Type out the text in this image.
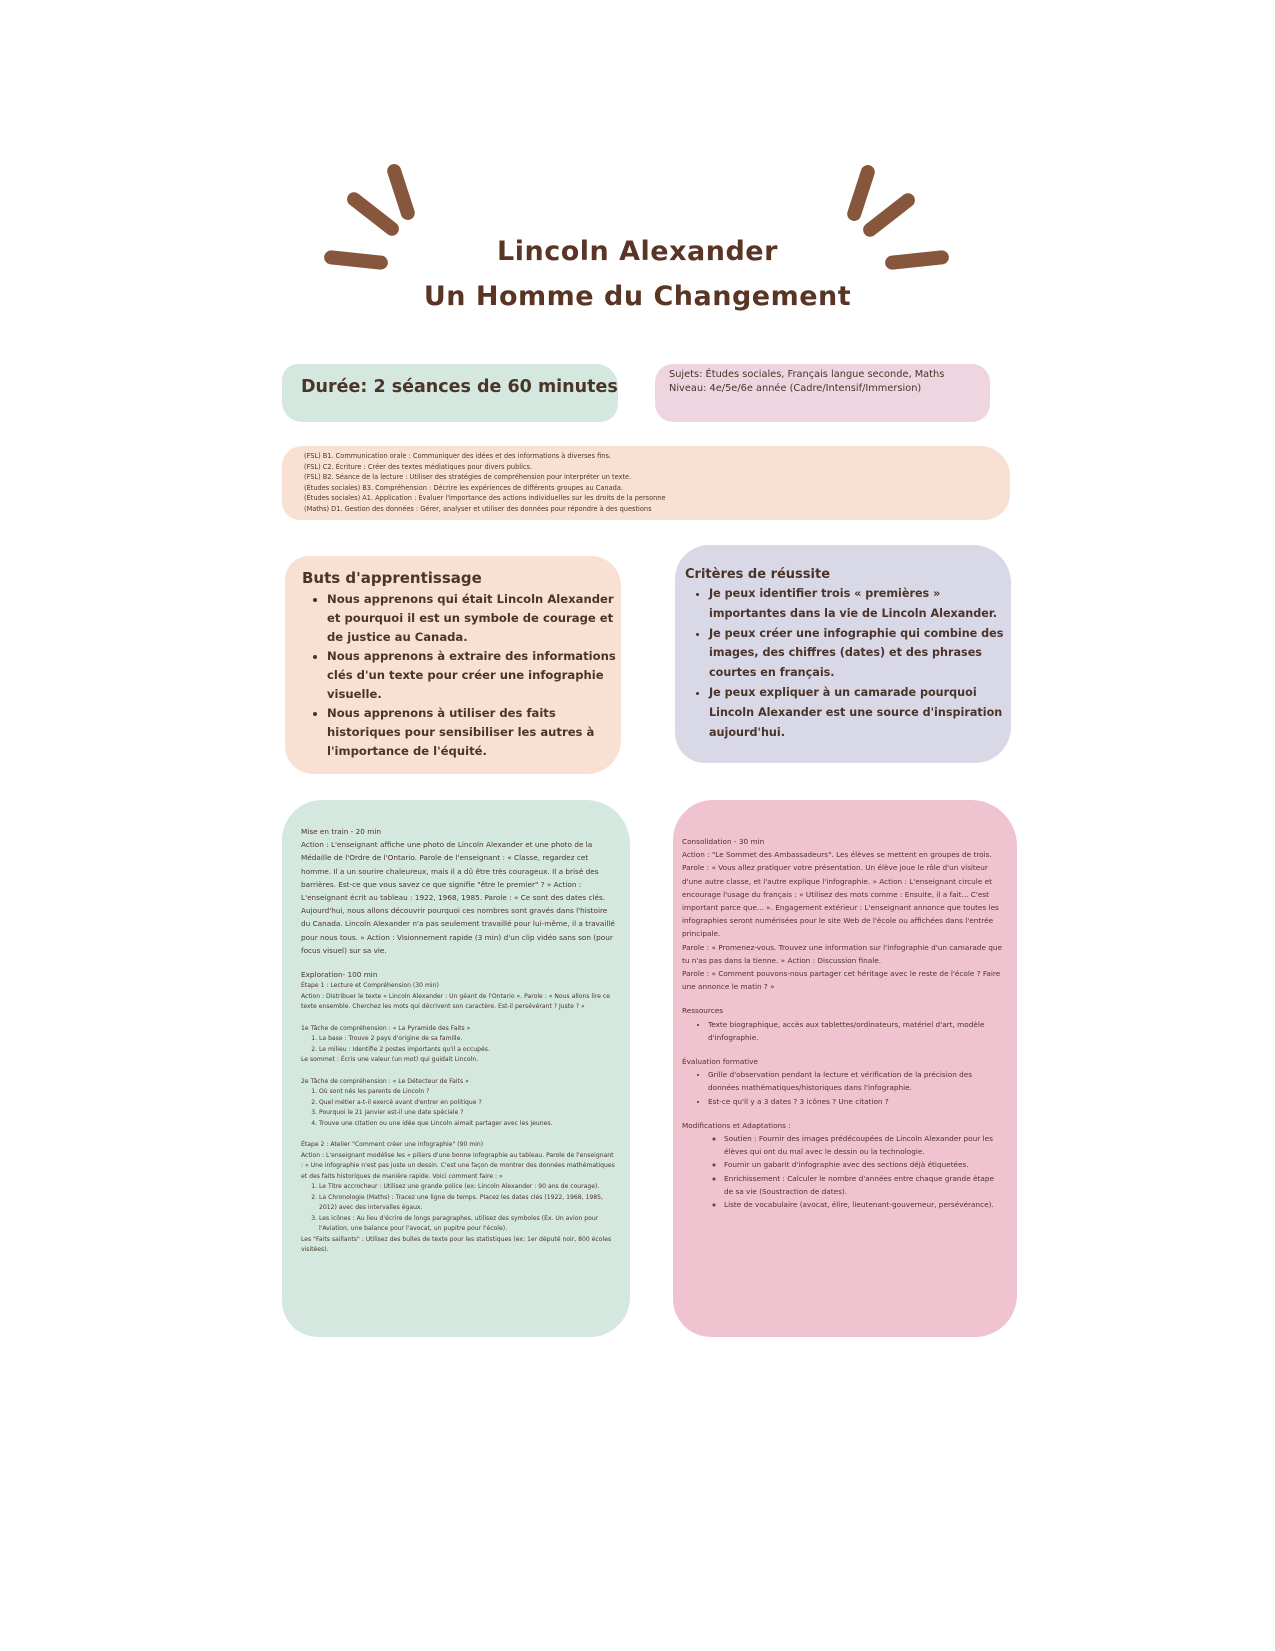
Lincoln Alexander
Un Homme du Changement
Durée: 2 séances de 60 minutes
Sujets: Études sociales, Français langue seconde, Maths
Niveau: 4e/5e/6e année (Cadre/Intensif/Immersion)
(FSL) B1. Communication orale : Communiquer des idées et des informations à diverses fins.
(FSL) C2. Écriture : Créer des textes médiatiques pour divers publics.
(FSL) B2. Séance de la lecture : Utiliser des stratégies de compréhension pour interpréter un texte.
(Études sociales) B3. Compréhension : Décrire les expériences de différents groupes au Canada.
(Études sociales) A1. Application : Évaluer l'importance des actions individuelles sur les droits de la personne
(Maths) D1. Gestion des données : Gérer, analyser et utiliser des données pour répondre à des questions
Buts d'apprentissage
• Nous apprenons qui était Lincoln Alexander et pourquoi il est un symbole de courage et de justice au Canada.
• Nous apprenons à extraire des informations clés d'un texte pour créer une infographie visuelle.
• Nous apprenons à utiliser des faits historiques pour sensibiliser les autres à l'importance de l'équité.
Critères de réussite
• Je peux identifier trois « premières » importantes dans la vie de Lincoln Alexander.
• Je peux créer une infographie qui combine des images, des chiffres (dates) et des phrases courtes en français.
• Je peux expliquer à un camarade pourquoi Lincoln Alexander est une source d'inspiration aujourd'hui.

Mise en train - 20 min

Action : L'enseignant affiche une photo de Lincoln Alexander et une photo de la Médaille de l'Ordre de l'Ontario. Parole de l'enseignant : « Classe, regardez cet homme. Il a un sourire chaleureux, mais il a dû être très courageux. Il a brisé des barrières. Est-ce que vous savez ce que signifie "être le premier" ? » Action : L'enseignant écrit au tableau : 1922, 1968, 1985. Parole : « Ce sont des dates clés. Aujourd'hui, nous allons découvrir pourquoi ces nombres sont gravés dans l'histoire du Canada. Lincoln Alexander n'a pas seulement travaillé pour lui-même, il a travaillé pour nous tous. » Action : Visionnement rapide (3 min) d'un clip vidéo sans son (pour focus visuel) sur sa vie.

Exploration- 100 min

Étape 1 : Lecture et Compréhension (30 min)

Action : Distribuer le texte « Lincoln Alexander : Un géant de l'Ontario ». Parole : « Nous allons lire ce texte ensemble. Cherchez les mots qui décrivent son caractère. Est-il persévérant ? Juste ? »

1e Tâche de compréhension : « La Pyramide des Faits »

1. La base : Trouve 2 pays d'origine de sa famille.
2. Le milieu : Identifie 2 postes importants qu'il a occupés.

Le sommet : Écris une valeur (un mot) qui guidait Lincoln.

2e Tâche de compréhension : « Le Détecteur de Faits »

1. Où sont nés les parents de Lincoln ?
2. Quel métier a-t-il exercé avant d'entrer en politique ?
3. Pourquoi le 21 janvier est-il une date spéciale ?
4. Trouve une citation ou une idée que Lincoln aimait partager avec les jeunes.

Étape 2 : Atelier "Comment créer une infographie" (90 min)

Action : L'enseignant modélise les « piliers d'une bonne infographie au tableau. Parole de l'enseignant : « Une infographie n'est pas juste un dessin. C'est une façon de montrer des données mathématiques et des faits historiques de manière rapide. Voici comment faire : »

1. Le Titre accrocheur : Utilisez une grande police (ex: Lincoln Alexander : 90 ans de courage).
2. La Chronologie (Maths) : Tracez une ligne de temps. Placez les dates clés (1922, 1968, 1985, 2012) avec des intervalles égaux.
3. Les icônes : Au lieu d'écrire de longs paragraphes, utilisez des symboles (Ex. Un avion pour l'Aviation, une balance pour l'avocat, un pupitre pour l'école).

Les "Faits saillants" : Utilisez des bulles de texte pour les statistiques (ex: 1er député noir, 800 écoles visitées).

Consolidation - 30 min

Action : "Le Sommet des Ambassadeurs". Les élèves se mettent en groupes de trois. Parole : « Vous allez pratiquer votre présentation. Un élève joue le rôle d'un visiteur d'une autre classe, et l'autre explique l'infographie. » Action : L'enseignant circule et encourage l'usage du français : « Utilisez des mots comme : Ensuite, il a fait... C'est important parce que... ». Engagement extérieur : L'enseignant annonce que toutes les infographies seront numérisées pour le site Web de l'école ou affichées dans l'entrée principale.

Parole : « Promenez-vous. Trouvez une information sur l'infographie d'un camarade que tu n'as pas dans la tienne. » Action : Discussion finale.

Parole : « Comment pouvons-nous partager cet héritage avec le reste de l'école ? Faire une annonce le matin ? »

Ressources

• Texte biographique, accès aux tablettes/ordinateurs, matériel d'art, modèle d'infographie.

Évaluation formative

• Grille d'observation pendant la lecture et vérification de la précision des données mathématiques/historiques dans l'infographie.
• Est-ce qu'il y a 3 dates ? 3 icônes ? Une citation ?

Modifications et Adaptations :

◦ Soutien : Fournir des images prédécoupées de Lincoln Alexander pour les élèves qui ont du mal avec le dessin ou la technologie.
◦ Fournir un gabarit d'infographie avec des sections déjà étiquetées.
◦ Enrichissement : Calculer le nombre d'années entre chaque grande étape de sa vie (Soustraction de dates).
◦ Liste de vocabulaire (avocat, élire, lieutenant-gouverneur, persévérance).
